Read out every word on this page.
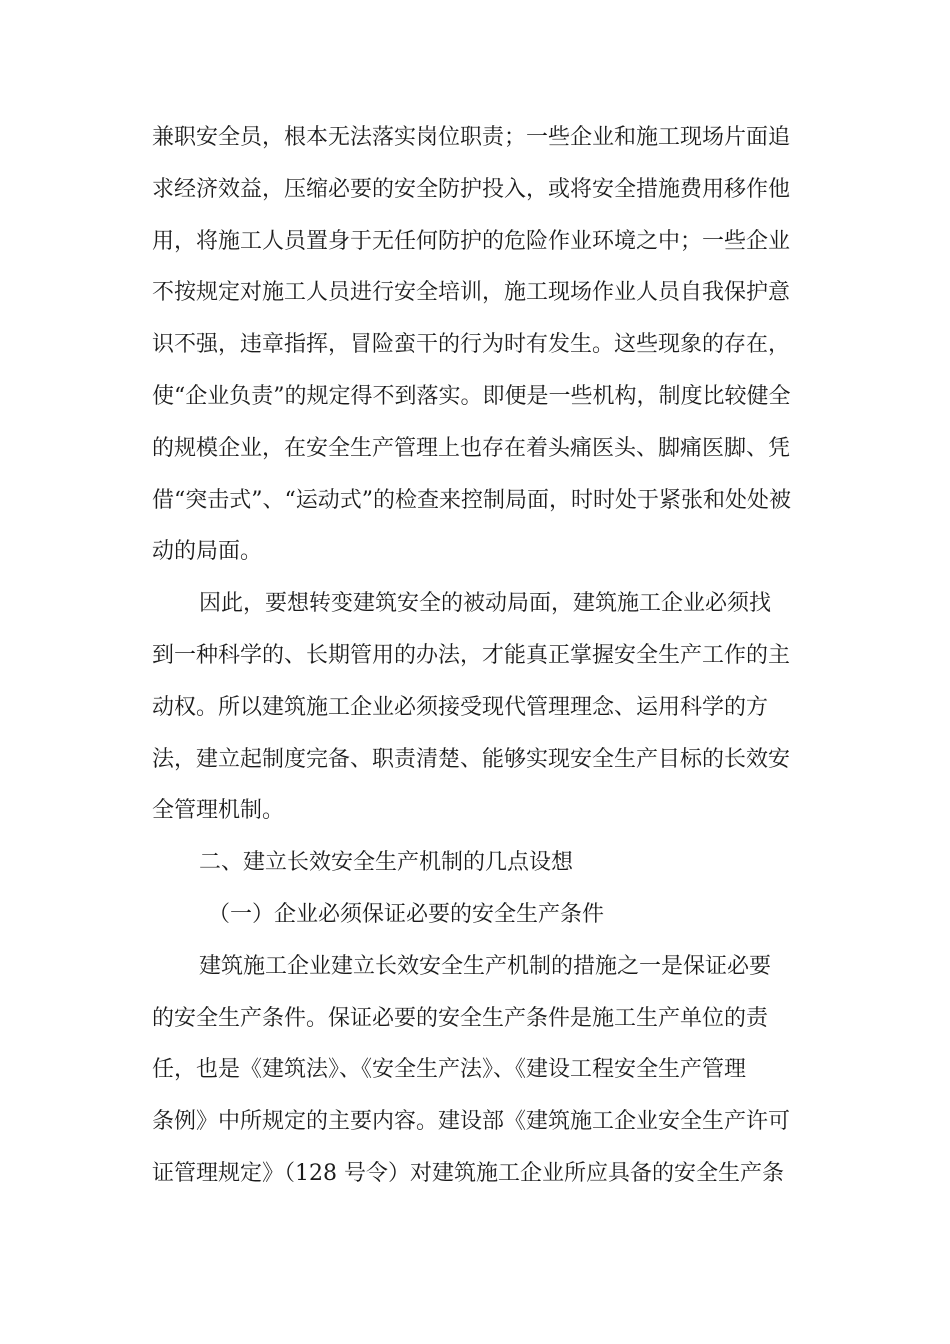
兼职安全员，根本无法落实岗位职责；一些企业和施工现场片面追
求经济效益，压缩必要的安全防护投入，或将安全措施费用移作他
用，将施工人员置身于无任何防护的危险作业环境之中；一些企业
不按规定对施工人员进行安全培训，施工现场作业人员自我保护意
识不强，违章指挥，冒险蛮干的行为时有发生。这些现象的存在，
使“企业负责”的规定得不到落实。即便是一些机构，制度比较健全
的规模企业，在安全生产管理上也存在着头痛医头、脚痛医脚、凭
借“突击式”、“运动式”的检查来控制局面，时时处于紧张和处处被
动的局面。

因此，要想转变建筑安全的被动局面，建筑施工企业必须找
到一种科学的、长期管用的办法，才能真正掌握安全生产工作的主
动权。所以建筑施工企业必须接受现代管理理念、运用科学的方
法，建立起制度完备、职责清楚、能够实现安全生产目标的长效安
全管理机制。

二、建立长效安全生产机制的几点设想

（一）企业必须保证必要的安全生产条件

建筑施工企业建立长效安全生产机制的措施之一是保证必要
的安全生产条件。保证必要的安全生产条件是施工生产单位的责
任，也是《建筑法》、《安全生产法》、《建设工程安全生产管理
条例》中所规定的主要内容。建设部《建筑施工企业安全生产许可
证管理规定》（128 号令）对建筑施工企业所应具备的安全生产条
